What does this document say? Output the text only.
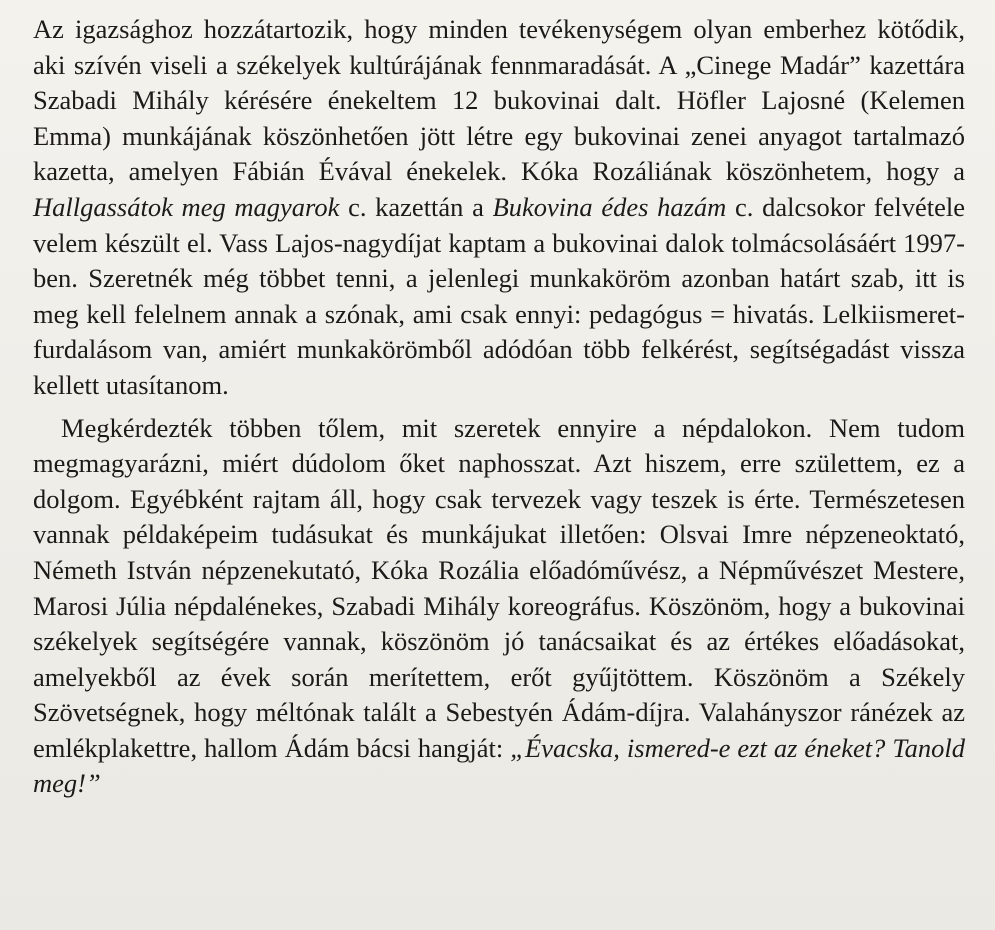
Az igazsághoz hozzátartozik, hogy minden tevékenységem olyan emberhez kötődik, aki szívén viseli a székelyek kultúrájának fennmaradását. A „Cinege Madár” kazettára Szabadi Mihály kérésére énekeltem 12 bukovinai dalt. Höfler Lajosné (Kelemen Emma) munkájának köszönhetően jött létre egy bukovinai zenei anyagot tartalmazó kazetta, amelyen Fábián Évával énekelek. Kóka Rozáliának köszönhetem, hogy a Hallgassátok meg magyarok c. kazettán a Bukovina édes hazám c. dalcsokor felvétele velem készült el. Vass Lajos-nagydíjat kaptam a bukovinai dalok tolmácsolásáért 1997-ben. Szeretnék még többet tenni, a jelenlegi munkaköröm azonban határt szab, itt is meg kell felelnem annak a szónak, ami csak ennyi: pedagógus = hivatás. Lelkiismeret-furdalásom van, amiért munkakörömből adódóan több felkérést, segítségadást vissza kellett utasítanom.

Megkérdezték többen tőlem, mit szeretek ennyire a népdalokon. Nem tudom megmagyarázni, miért dúdolom őket naphosszat. Azt hiszem, erre születtem, ez a dolgom. Egyébként rajtam áll, hogy csak tervezek vagy teszek is érte. Természetesen vannak példaképeim tudásukat és munkájukat illetően: Olsvai Imre népzeneoktató, Németh István népzenekutató, Kóka Rozália előadóművész, a Népművészet Mestere, Marosi Júlia népdalénekes, Szabadi Mihály koreográfus. Köszönöm, hogy a bukovinai székelyek segítségére vannak, köszönöm jó tanácsaikat és az értékes előadásokat, amelyekből az évek során merítettem, erőt gyűjtöttem. Köszönöm a Székely Szövetségnek, hogy méltónak talált a Sebestyén Ádám-díjra. Valahányszor ránézek az emlékplakettre, hallom Ádám bácsi hangját: „Évacska, ismered-e ezt az éneket? Tanold meg!”
